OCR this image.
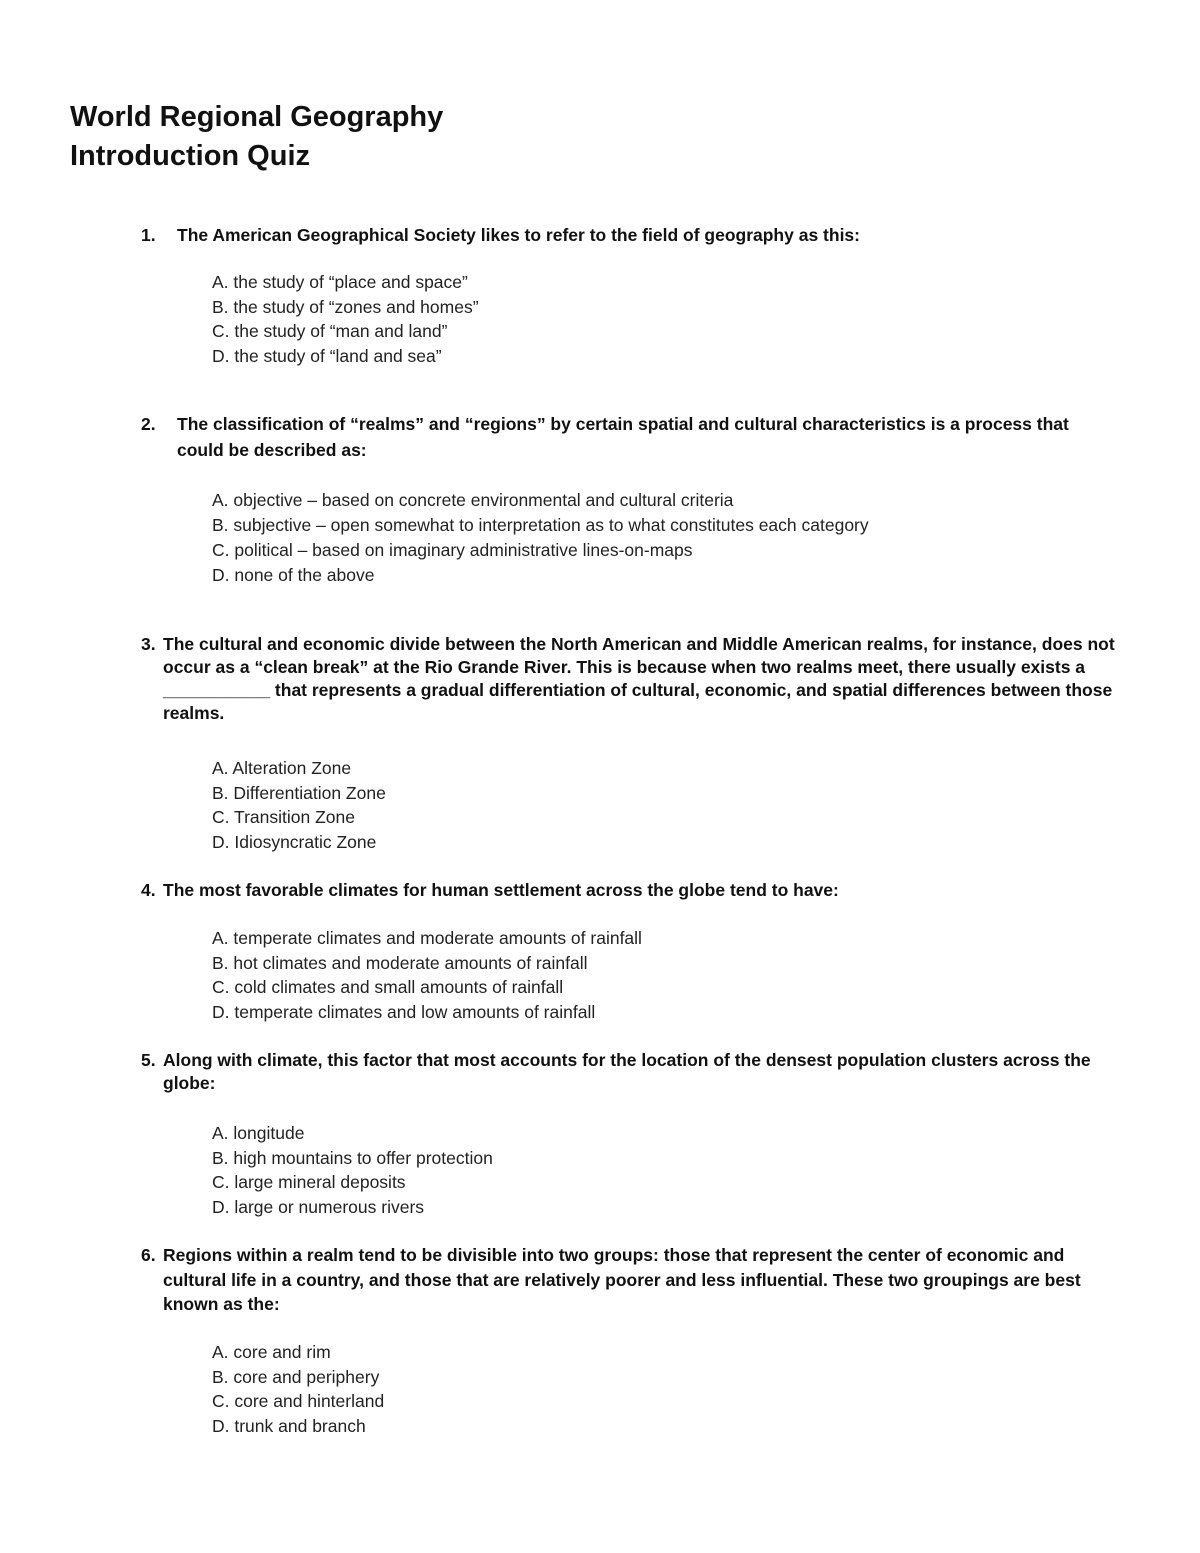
World Regional Geography
Introduction Quiz
1.	The American Geographical Society likes to refer to the field of geography as this:
A. the study of “place and space”
B. the study of “zones and homes”
C. the study of “man and land”
D. the study of “land and sea”
2.	The classification of “realms” and “regions” by certain spatial and cultural characteristics is a process that could be described as:
A. objective – based on concrete environmental and cultural criteria
B. subjective – open somewhat to interpretation as to what constitutes each category
C. political – based on imaginary administrative lines-on-maps
D. none of the above
3. The cultural and economic divide between the North American and Middle American realms, for instance, does not occur as a “clean break” at the Rio Grande River. This is because when two realms meet, there usually exists a ___________ that represents a gradual differentiation of cultural, economic, and spatial differences between those realms.
A. Alteration Zone
B. Differentiation Zone
C. Transition Zone
D. Idiosyncratic Zone
4. The most favorable climates for human settlement across the globe tend to have:
A. temperate climates and moderate amounts of rainfall
B. hot climates and moderate amounts of rainfall
C. cold climates and small amounts of rainfall
D. temperate climates and low amounts of rainfall
5. Along with climate, this factor that most accounts for the location of the densest population clusters across the globe:
A. longitude
B. high mountains to offer protection
C. large mineral deposits
D. large or numerous rivers
6. Regions within a realm tend to be divisible into two groups: those that represent the center of economic and cultural life in a country, and those that are relatively poorer and less influential. These two groupings are best known as the:
A. core and rim
B. core and periphery
C. core and hinterland
D. trunk and branch
